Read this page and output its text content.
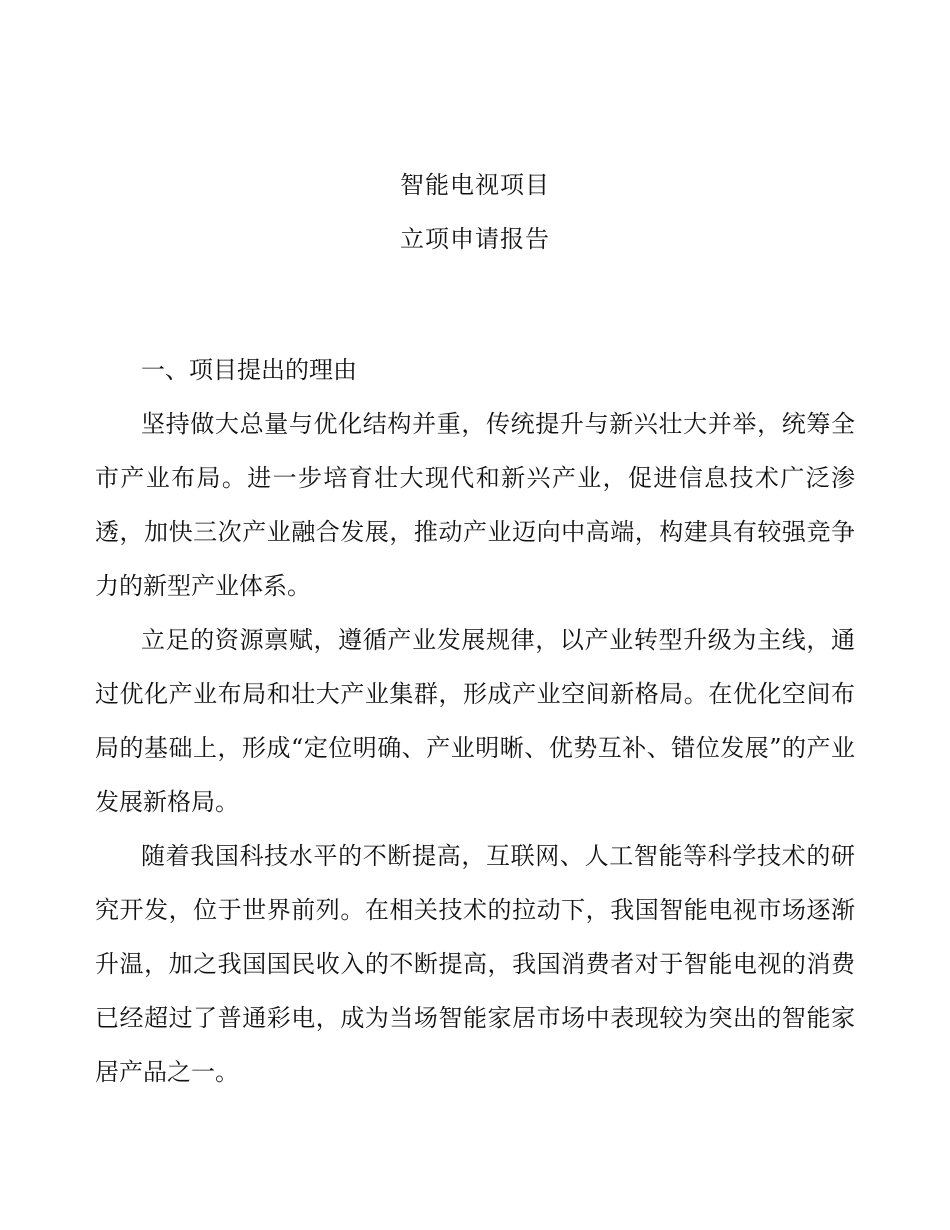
智能电视项目
立项申请报告

一、项目提出的理由

坚持做大总量与优化结构并重，传统提升与新兴壮大并举，统筹全市产业布局。进一步培育壮大现代和新兴产业，促进信息技术广泛渗透，加快三次产业融合发展，推动产业迈向中高端，构建具有较强竞争力的新型产业体系。

立足的资源禀赋，遵循产业发展规律，以产业转型升级为主线，通过优化产业布局和壮大产业集群，形成产业空间新格局。在优化空间布局的基础上，形成“定位明确、产业明晰、优势互补、错位发展”的产业发展新格局。

随着我国科技水平的不断提高，互联网、人工智能等科学技术的研究开发，位于世界前列。在相关技术的拉动下，我国智能电视市场逐渐升温，加之我国国民收入的不断提高，我国消费者对于智能电视的消费已经超过了普通彩电，成为当场智能家居市场中表现较为突出的智能家居产品之一。
